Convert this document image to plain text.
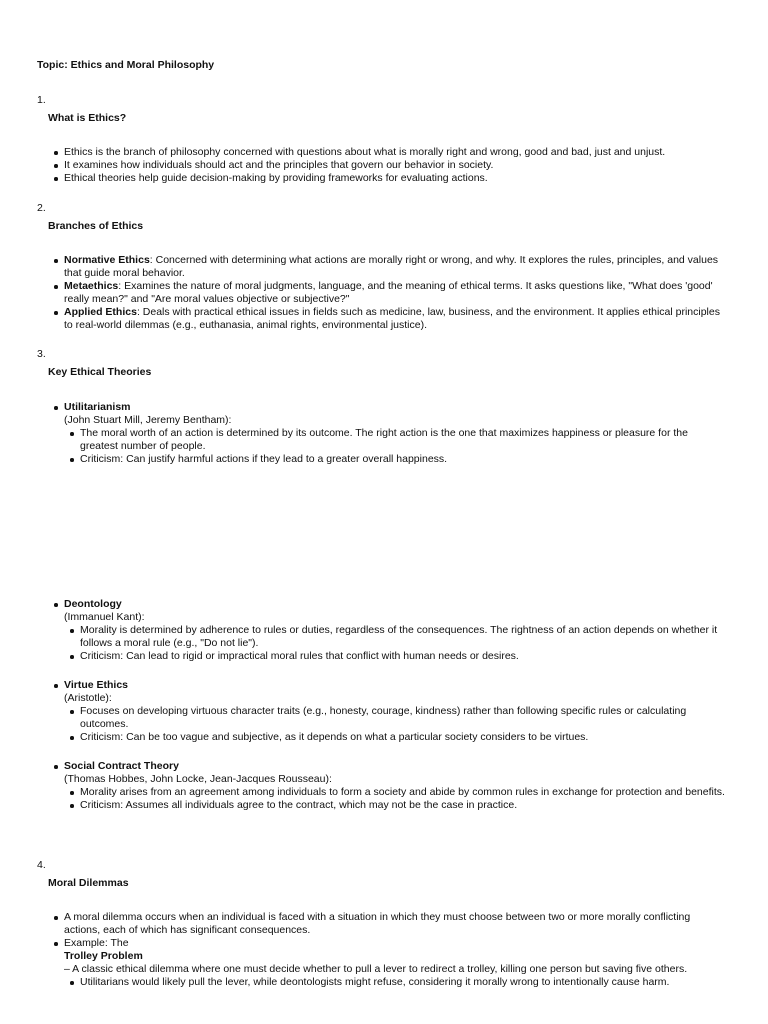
Topic: Ethics and Moral Philosophy
1.
What is Ethics?
Ethics is the branch of philosophy concerned with questions about what is morally right and wrong, good and bad, just and unjust.
It examines how individuals should act and the principles that govern our behavior in society.
Ethical theories help guide decision-making by providing frameworks for evaluating actions.
2.
Branches of Ethics
Normative Ethics: Concerned with determining what actions are morally right or wrong, and why. It explores the rules, principles, and values that guide moral behavior.
Metaethics: Examines the nature of moral judgments, language, and the meaning of ethical terms. It asks questions like, "What does 'good' really mean?" and "Are moral values objective or subjective?"
Applied Ethics: Deals with practical ethical issues in fields such as medicine, law, business, and the environment. It applies ethical principles to real-world dilemmas (e.g., euthanasia, animal rights, environmental justice).
3.
Key Ethical Theories
Utilitarianism
(John Stuart Mill, Jeremy Bentham):
The moral worth of an action is determined by its outcome. The right action is the one that maximizes happiness or pleasure for the greatest number of people.
Criticism: Can justify harmful actions if they lead to a greater overall happiness.
Deontology
(Immanuel Kant):
Morality is determined by adherence to rules or duties, regardless of the consequences. The rightness of an action depends on whether it follows a moral rule (e.g., "Do not lie").
Criticism: Can lead to rigid or impractical moral rules that conflict with human needs or desires.
Virtue Ethics
(Aristotle):
Focuses on developing virtuous character traits (e.g., honesty, courage, kindness) rather than following specific rules or calculating outcomes.
Criticism: Can be too vague and subjective, as it depends on what a particular society considers to be virtues.
Social Contract Theory
(Thomas Hobbes, John Locke, Jean-Jacques Rousseau):
Morality arises from an agreement among individuals to form a society and abide by common rules in exchange for protection and benefits.
Criticism: Assumes all individuals agree to the contract, which may not be the case in practice.
4.
Moral Dilemmas
A moral dilemma occurs when an individual is faced with a situation in which they must choose between two or more morally conflicting actions, each of which has significant consequences.
Example: The
Trolley Problem
– A classic ethical dilemma where one must decide whether to pull a lever to redirect a trolley, killing one person but saving five others.
Utilitarians would likely pull the lever, while deontologists might refuse, considering it morally wrong to intentionally cause harm.
